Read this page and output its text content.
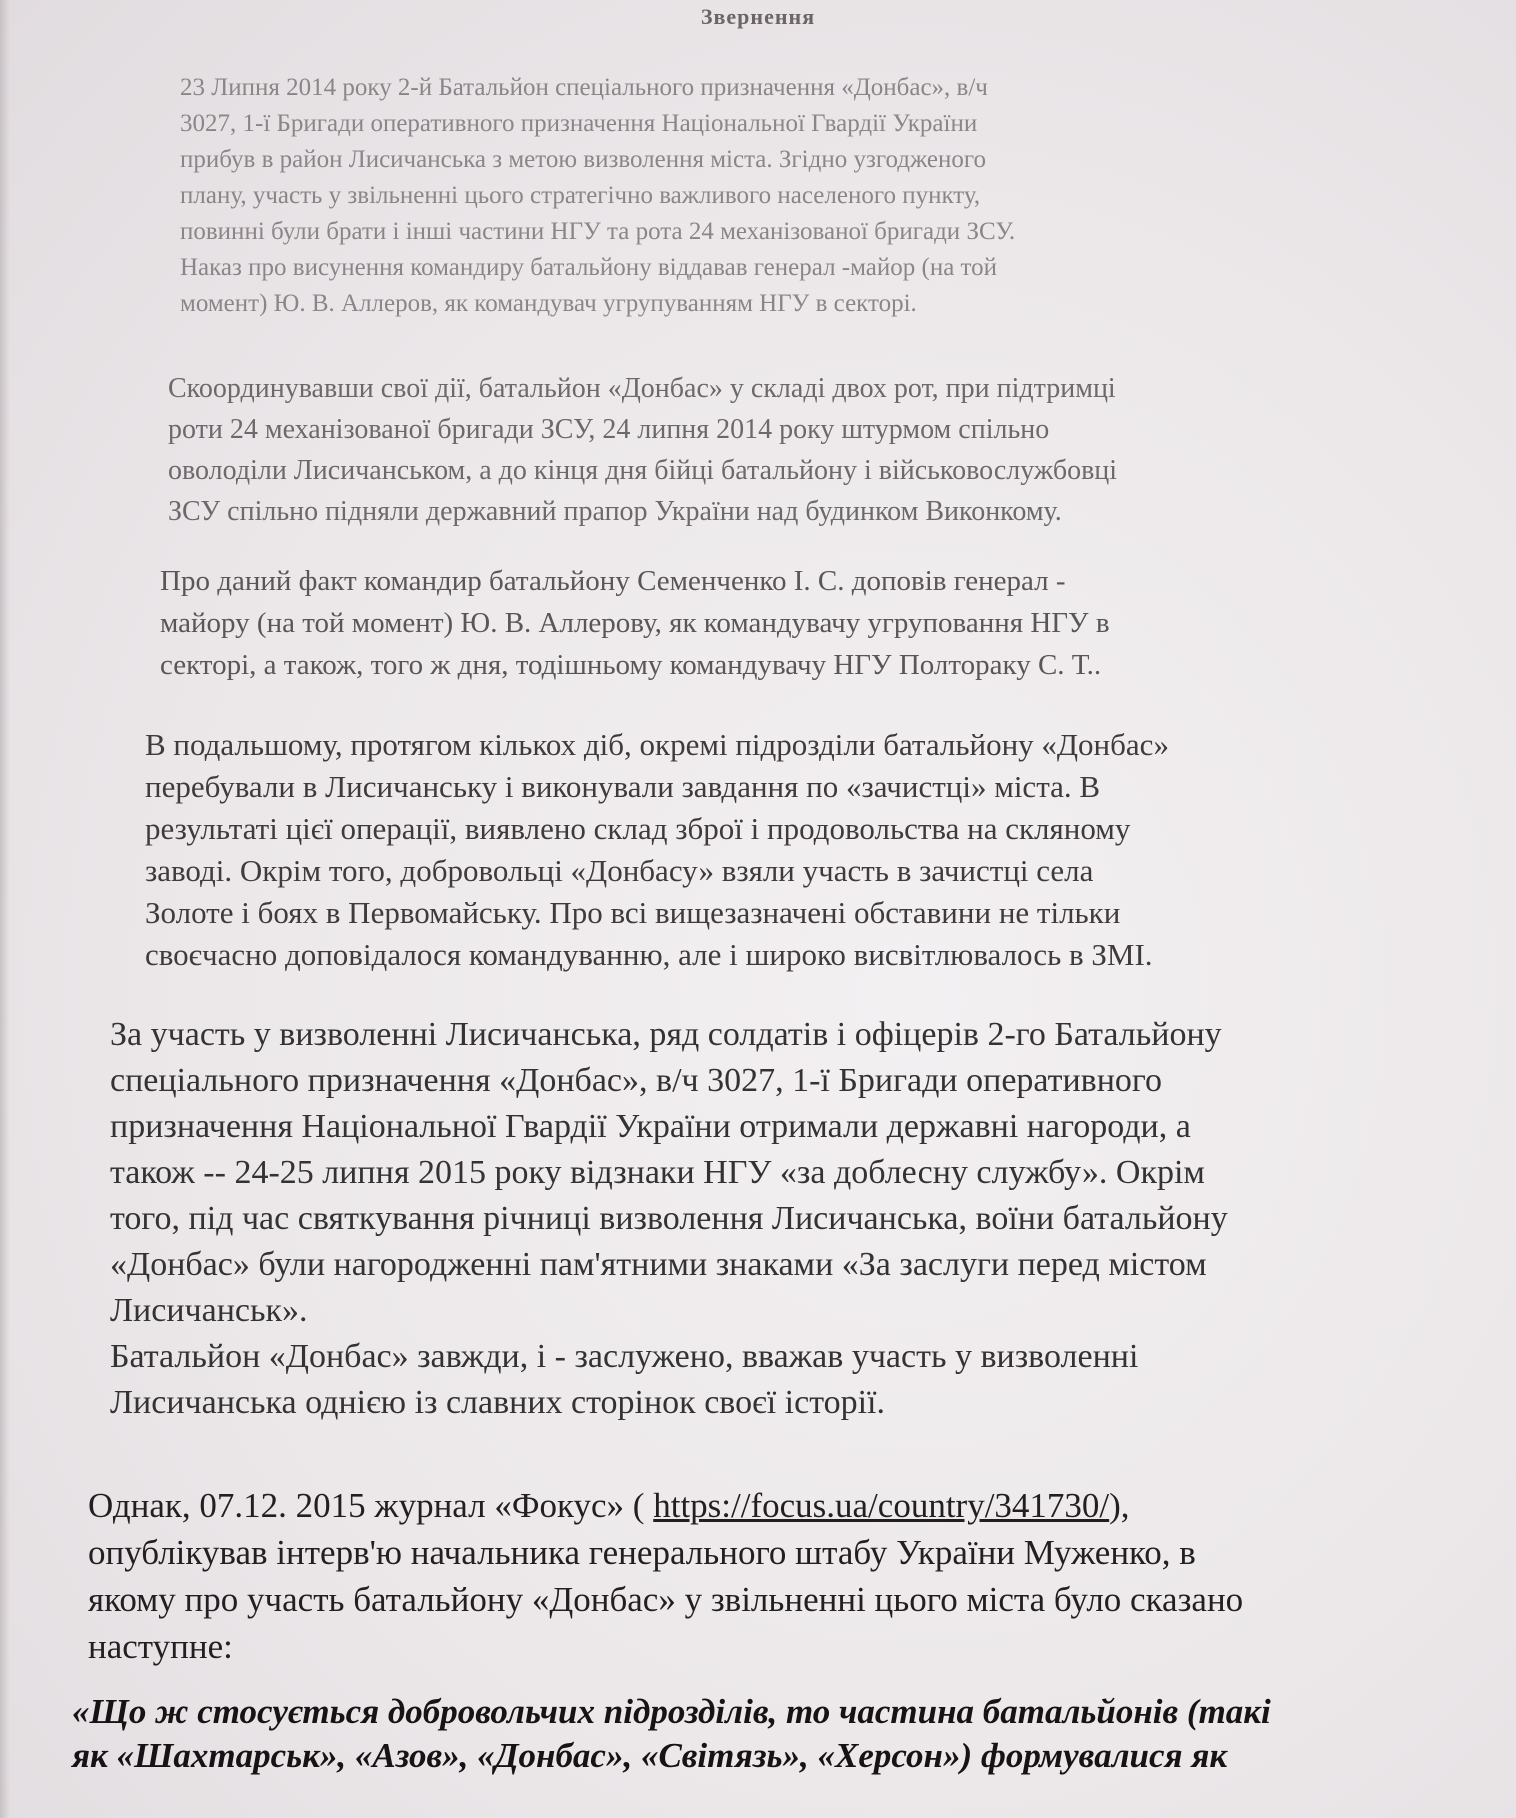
Звернення
23 Липня 2014 року 2-й Батальйон спеціального призначення «Донбас», в/ч
3027, 1-ї Бригади оперативного призначення Національної Гвардії України
прибув в район Лисичанська з метою визволення міста. Згідно узгодженого
плану, участь у звільненні цього стратегічно важливого населеного пункту,
повинні були брати і інші частини НГУ та рота 24 механізованої бригади ЗСУ.
Наказ про висунення командиру батальйону віддавав генерал -майор (на той
момент) Ю. В. Аллеров, як командувач угрупуванням НГУ в секторі.
Скоординувавши свої дії, батальйон «Донбас» у складі двох рот, при підтримці
роти 24 механізованої бригади ЗСУ, 24 липня 2014 року штурмом спільно
оволоділи Лисичанськом, а до кінця дня бійці батальйону і військовослужбовці
ЗСУ спільно підняли державний прапор України над будинком Виконкому.
Про даний факт командир батальйону Семенченко І. С. доповів генерал -
майору (на той момент) Ю. В. Аллерову, як командувачу угруповання НГУ в
секторі, а також, того ж дня, тодішньому командувачу НГУ Полтораку С. Т..
В подальшому, протягом кількох діб, окремі підрозділи батальйону «Донбас»
перебували в Лисичанську і виконували завдання по «зачистці» міста. В
результаті цієї операції, виявлено склад зброї і продовольства на скляному
заводі. Окрім того, добровольці «Донбасу» взяли участь в зачистці села
Золоте і боях в Первомайську. Про всі вищезазначені обставини не тільки
своєчасно доповідалося командуванню, але і широко висвітлювалось в ЗМІ.
За участь у визволенні Лисичанська, ряд солдатів і офіцерів 2-го Батальйону
спеціального призначення «Донбас», в/ч 3027, 1-ї Бригади оперативного
призначення Національної Гвардії України отримали державні нагороди, а
також -- 24-25 липня 2015 року відзнаки НГУ «за доблесну службу». Окрім
того, під час святкування річниці визволення Лисичанська, воїни батальйону
«Донбас» були нагородженні пам'ятними знаками «За заслуги перед містом
Лисичанськ».
Батальйон «Донбас» завжди, і - заслужено, вважав участь у визволенні
Лисичанська однією із славних сторінок своєї історії.
Однак, 07.12. 2015 журнал «Фокус» ( https://focus.ua/country/341730/),
опублікував інтерв'ю начальника генерального штабу України Муженко, в
якому про участь батальйону «Донбас» у звільненні цього міста було сказано
наступне:
«Що ж стосується добровольчих підрозділів, то частина батальйонів (такі
як «Шахтарськ», «Азов», «Донбас», «Світязь», «Херсон») формувалися як
